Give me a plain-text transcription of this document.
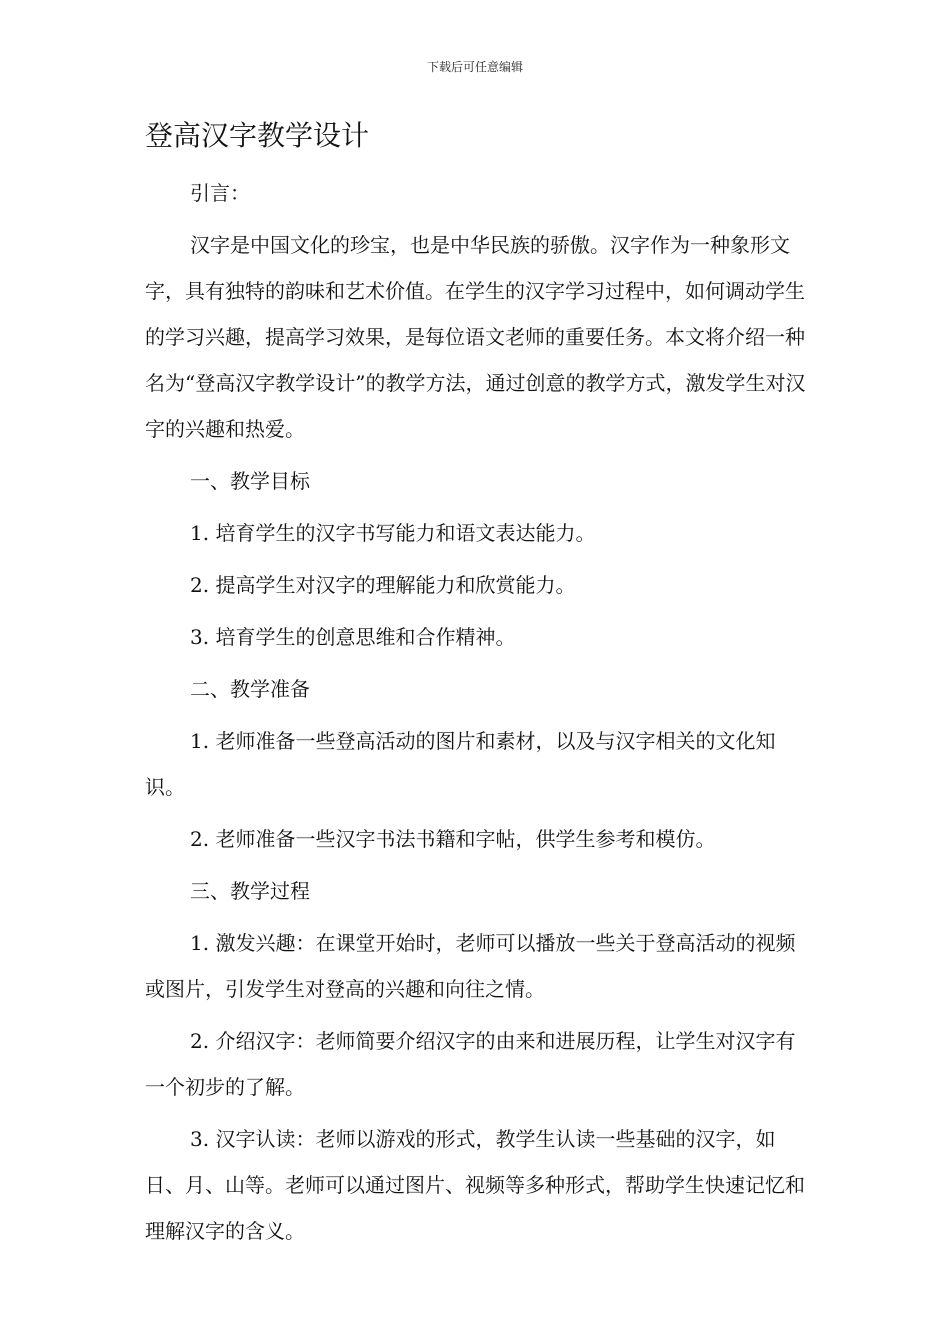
下载后可任意编辑
登高汉字教学设计

引言：

汉字是中国文化的珍宝，也是中华民族的骄傲。汉字作为一种象形文字，具有独特的韵味和艺术价值。在学生的汉字学习过程中，如何调动学生的学习兴趣，提高学习效果，是每位语文老师的重要任务。本文将介绍一种名为“登高汉字教学设计”的教学方法，通过创意的教学方式，激发学生对汉字的兴趣和热爱。

一、教学目标

1. 培育学生的汉字书写能力和语文表达能力。

2. 提高学生对汉字的理解能力和欣赏能力。

3. 培育学生的创意思维和合作精神。

二、教学准备

1. 老师准备一些登高活动的图片和素材，以及与汉字相关的文化知识。

2. 老师准备一些汉字书法书籍和字帖，供学生参考和模仿。

三、教学过程

1. 激发兴趣：在课堂开始时，老师可以播放一些关于登高活动的视频或图片，引发学生对登高的兴趣和向往之情。

2. 介绍汉字：老师简要介绍汉字的由来和进展历程，让学生对汉字有一个初步的了解。

3. 汉字认读：老师以游戏的形式，教学生认读一些基础的汉字，如日、月、山等。老师可以通过图片、视频等多种形式，帮助学生快速记忆和理解汉字的含义。
